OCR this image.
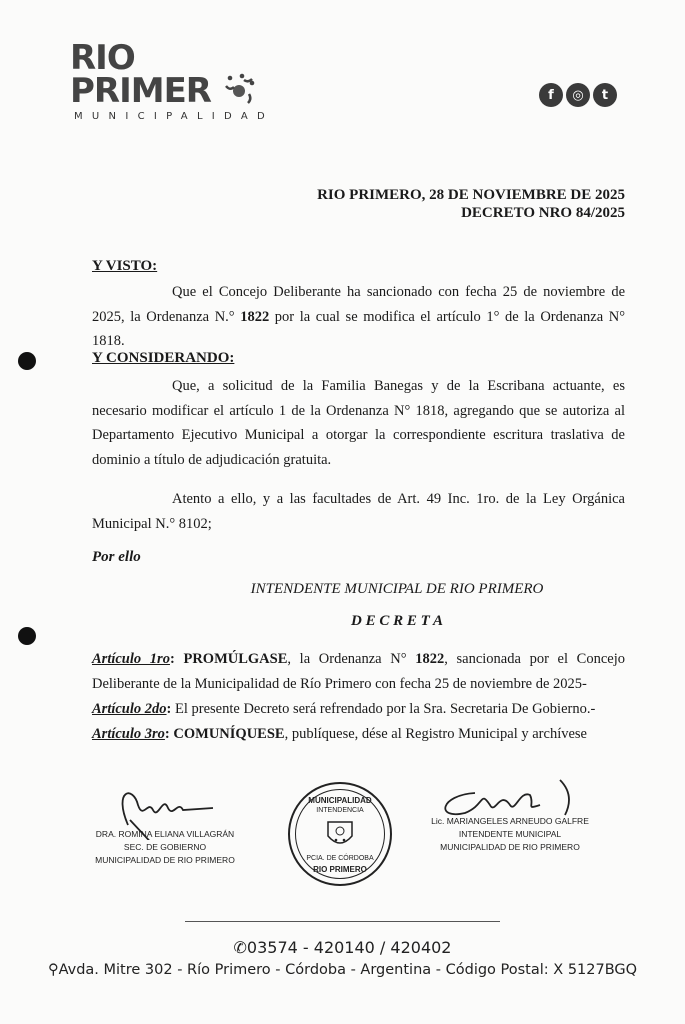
RIO
PRIMER
MUNICIPALIDAD
f	◎	t
RIO PRIMERO, 28 DE NOVIEMBRE DE 2025
DECRETO NRO 84/2025
Y VISTO:
Que el Concejo Deliberante ha sancionado con fecha 25 de noviembre de 2025, la Ordenanza N.° 1822 por la cual se modifica el artículo 1° de la Ordenanza N° 1818.
Y CONSIDERANDO:
Que, a solicitud de la Familia Banegas y de la Escribana actuante, es necesario modificar el artículo 1 de la Ordenanza N° 1818, agregando que se autoriza al Departamento Ejecutivo Municipal a otorgar la correspondiente escritura traslativa de dominio a título de adjudicación gratuita.
Atento a ello, y a las facultades de Art. 49 Inc. 1ro. de la Ley Orgánica Municipal N.° 8102;
Por ello
INTENDENTE MUNICIPAL DE RIO PRIMERO
D E C R E T A
Artículo 1ro: PROMÚLGASE, la Ordenanza N° 1822, sancionada por el Concejo Deliberante de la Municipalidad de Río Primero con fecha 25 de noviembre de 2025-
Artículo 2do: El presente Decreto será refrendado por la Sra. Secretaria De Gobierno.-
Artículo 3ro: COMUNÍQUESE, publíquese, dése al Registro Municipal y archívese
DRA. ROMINA ELIANA VILLAGRÁN
SEC. DE GOBIERNO
MUNICIPALIDAD DE RIO PRIMERO
MUNICIPALIDAD
INTENDENCIA
PCIA. DE CÓRDOBA
RIO PRIMERO
Lic. MARIANGELES ARNEUDO GALFRE
INTENDENTE MUNICIPAL
MUNICIPALIDAD DE RIO PRIMERO
✆03574 - 420140 / 420402
⚲Avda. Mitre 302 - Río Primero - Córdoba - Argentina - Código Postal: X 5127BGQ
